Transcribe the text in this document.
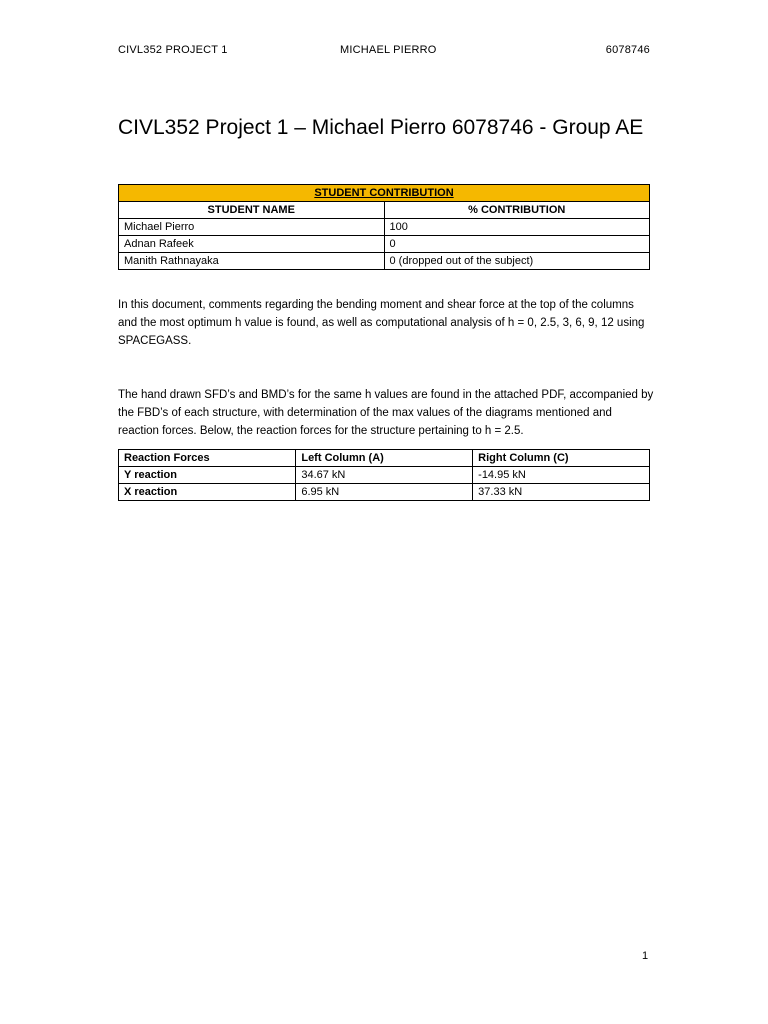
CIVL352 PROJECT 1	MICHAEL PIERRO	6078746
CIVL352 Project 1 – Michael Pierro 6078746 - Group AE
STUDENT CONTRIBUTION	
STUDENT NAME	% CONTRIBUTION
Michael Pierro	100
Adnan Rafeek	0
Manith Rathnayaka	0 (dropped out of the subject)

In this document, comments regarding the bending moment and shear force at the top of the columns and the most optimum h value is found, as well as computational analysis of h = 0, 2.5, 3, 6, 9, 12 using SPACEGASS.

The hand drawn SFD’s and BMD’s for the same h values are found in the attached PDF, accompanied by the FBD’s of each structure, with determination of the max values of the diagrams mentioned and reaction forces. Below, the reaction forces for the structure pertaining to h = 2.5.

Reaction Forces	Left Column (A)	Right Column (C)
Y reaction	34.67 kN	-14.95 kN
X reaction	6.95 kN	37.33 kN
1
